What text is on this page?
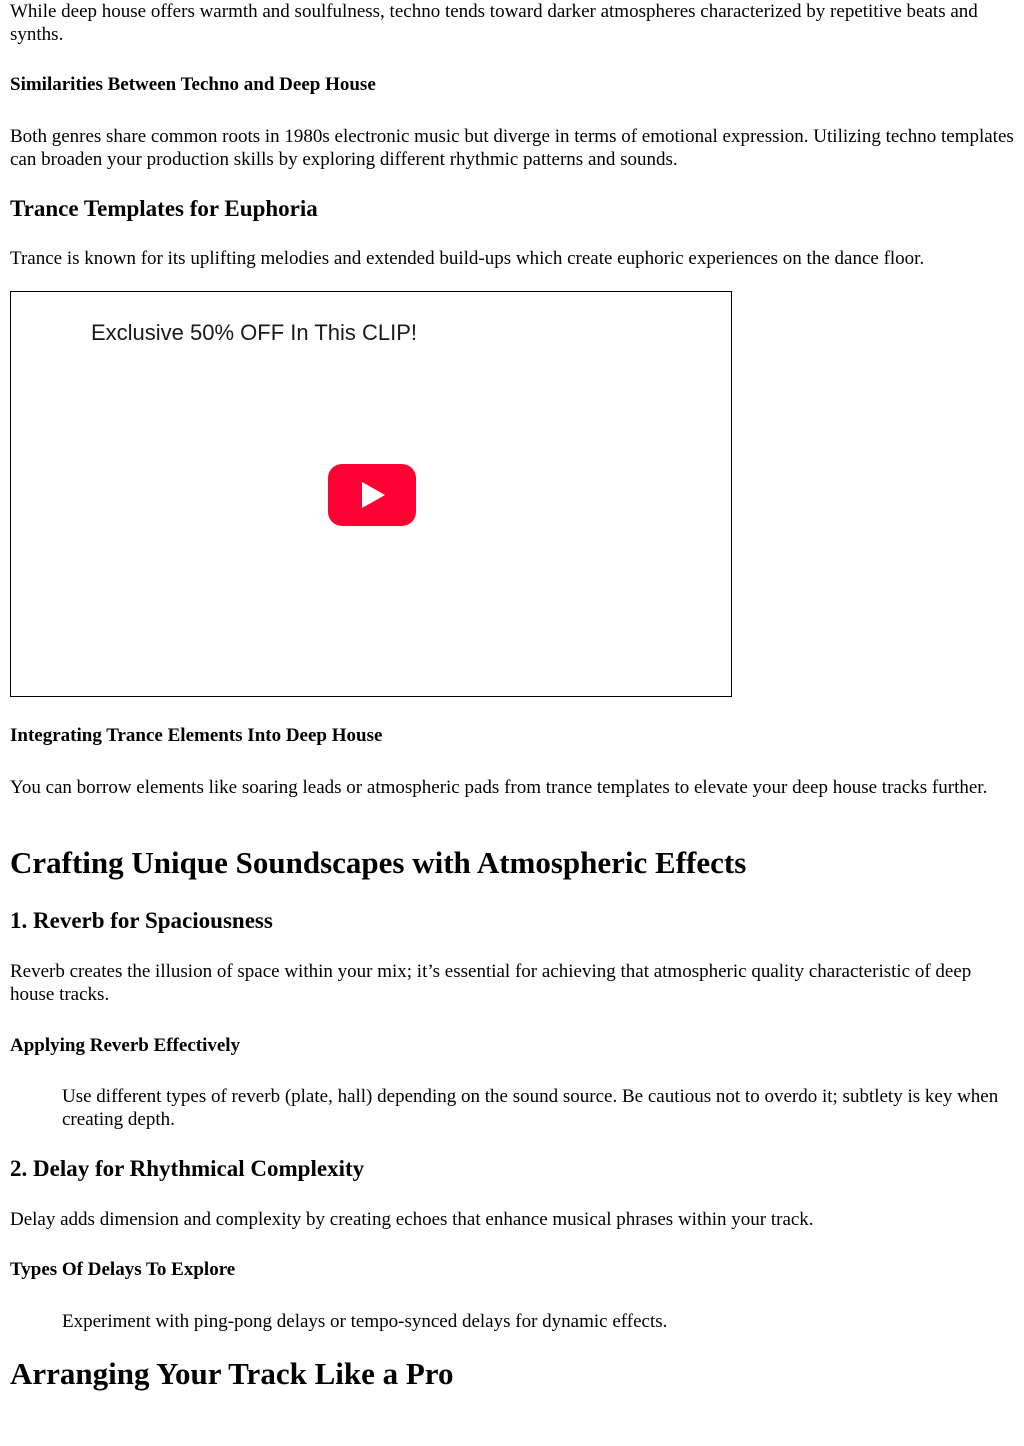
While deep house offers warmth and soulfulness, techno tends toward darker atmospheres characterized by repetitive beats and synths.

Similarities Between Techno and Deep House

Both genres share common roots in 1980s electronic music but diverge in terms of emotional expression. Utilizing techno templates can broaden your production skills by exploring different rhythmic patterns and sounds.

Trance Templates for Euphoria

Trance is known for its uplifting melodies and extended build-ups which create euphoric experiences on the dance floor.

Exclusive 50% OFF In This CLIP!
Integrating Trance Elements Into Deep House

You can borrow elements like soaring leads or atmospheric pads from trance templates to elevate your deep house tracks further.

Crafting Unique Soundscapes with Atmospheric Effects
1. Reverb for Spaciousness

Reverb creates the illusion of space within your mix; it’s essential for achieving that atmospheric quality characteristic of deep house tracks.

Applying Reverb Effectively

Use different types of reverb (plate, hall) depending on the sound source. Be cautious not to overdo it; subtlety is key when creating depth.

2. Delay for Rhythmical Complexity

Delay adds dimension and complexity by creating echoes that enhance musical phrases within your track.

Types Of Delays To Explore

Experiment with ping-pong delays or tempo-synced delays for dynamic effects.

Arranging Your Track Like a Pro
